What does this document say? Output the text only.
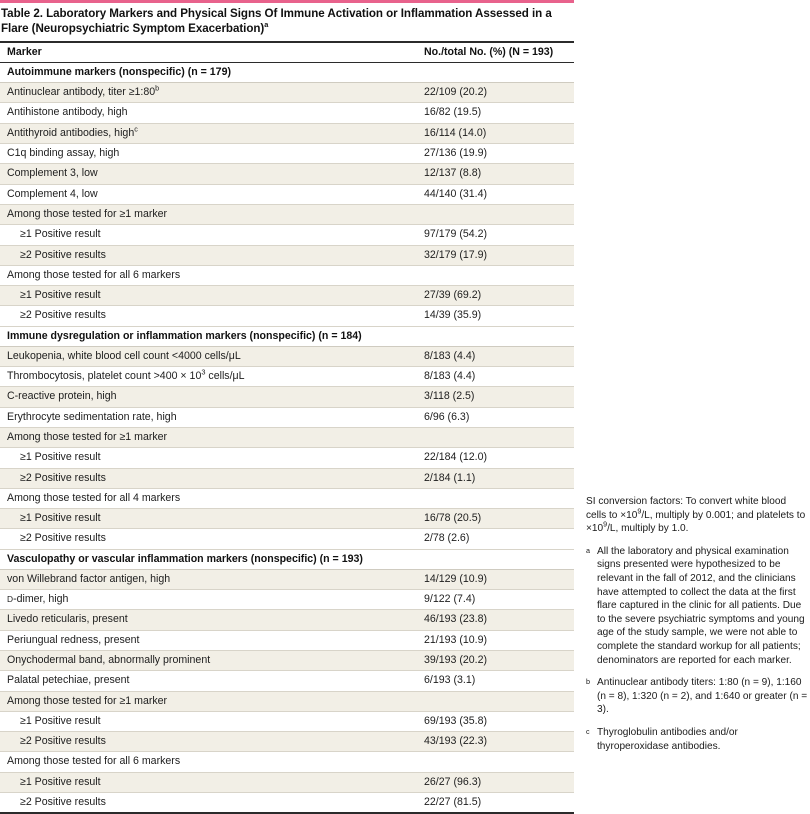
Table 2. Laboratory Markers and Physical Signs Of Immune Activation or Inflammation Assessed in a Flare (Neuropsychiatric Symptom Exacerbation)$^a$
Marker	No./total No. (%) (N = 193)
Autoimmune markers (nonspecific) (n = 179)	
Antinuclear antibody, titer $\ge 1:80^b$	22/109 (20.2)
Antihistone antibody, high	16/82 (19.5)
Antithyroid antibodies, high$^c$	16/114 (14.0)
C1q binding assay, high	27/136 (19.9)
Complement 3, low	12/137 (8.8)
Complement 4, low	44/140 (31.4)
Among those tested for ≥1 marker	
≥1 Positive result	97/179 (54.2)
≥2 Positive results	32/179 (17.9)
Among those tested for all 6 markers	
≥1 Positive result	27/39 (69.2)
≥2 Positive results	14/39 (35.9)
Immune dysregulation or inflammation markers (nonspecific) (n = 184)	
Leukopenia, white blood cell count <4000 cells/μL	8/183 (4.4)
Thrombocytosis, platelet count $>400 \times 10^3$ cells/μL	8/183 (4.4)
C-reactive protein, high	3/118 (2.5)
Erythrocyte sedimentation rate, high	6/96 (6.3)
Among those tested for ≥1 marker	
≥1 Positive result	22/184 (12.0)
≥2 Positive results	2/184 (1.1)
Among those tested for all 4 markers	
≥1 Positive result	16/78 (20.5)
≥2 Positive results	2/78 (2.6)
Vasculopathy or vascular inflammation markers (nonspecific) (n = 193)	
von Willebrand factor antigen, high	14/129 (10.9)
D-dimer, high	9/122 (7.4)
Livedo reticularis, present	46/193 (23.8)
Periungual redness, present	21/193 (10.9)
Onychodermal band, abnormally prominent	39/193 (20.2)
Palatal petechiae, present	6/193 (3.1)
Among those tested for ≥1 marker	
≥1 Positive result	69/193 (35.8)
≥2 Positive results	43/193 (22.3)
Among those tested for all 6 markers	
≥1 Positive result	26/27 (96.3)
≥2 Positive results	22/27 (81.5)
SI conversion factors: To convert white blood cells to $\times 10^9/L$, multiply by 0.001; and platelets to $\times 10^9/L$, multiply by 1.0.
a All the laboratory and physical examination signs presented were hypothesized to be relevant in the fall of 2012, and the clinicians have attempted to collect the data at the first flare captured in the clinic for all patients. Due to the severe psychiatric symptoms and young age of the study sample, we were not able to complete the standard workup for all patients; denominators are reported for each marker.
b Antinuclear antibody titers: 1:80 (n = 9), 1:160 (n = 8), 1:320 (n = 2), and 1:640 or greater (n = 3).
c Thyroglobulin antibodies and/or thyroperoxidase antibodies.
